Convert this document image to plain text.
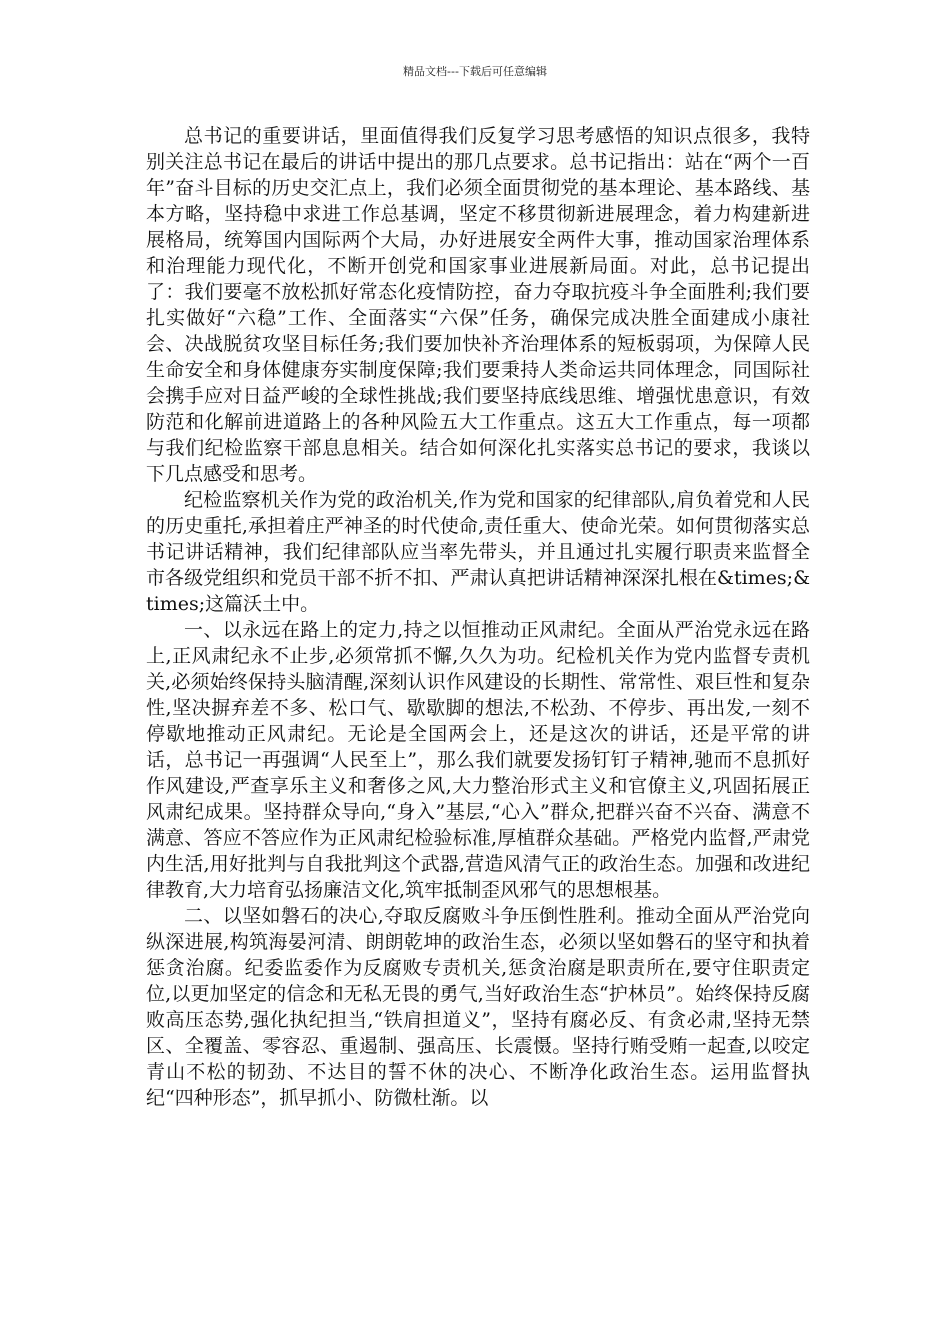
精品文档---下载后可任意编辑

总书记的重要讲话，里面值得我们反复学习思考感悟的知识点很多，我特别关注总书记在最后的讲话中提出的那几点要求。总书记指出：站在“两个一百年”奋斗目标的历史交汇点上，我们必须全面贯彻党的基本理论、基本路线、基本方略，坚持稳中求进工作总基调，坚定不移贯彻新进展理念，着力构建新进展格局，统筹国内国际两个大局，办好进展安全两件大事，推动国家治理体系和治理能力现代化，不断开创党和国家事业进展新局面。对此，总书记提出了：我们要毫不放松抓好常态化疫情防控，奋力夺取抗疫斗争全面胜利;我们要扎实做好“六稳”工作、全面落实“六保”任务，确保完成决胜全面建成小康社会、决战脱贫攻坚目标任务;我们要加快补齐治理体系的短板弱项，为保障人民生命安全和身体健康夯实制度保障;我们要秉持人类命运共同体理念，同国际社会携手应对日益严峻的全球性挑战;我们要坚持底线思维、增强忧患意识，有效防范和化解前进道路上的各种风险五大工作重点。这五大工作重点，每一项都与我们纪检监察干部息息相关。结合如何深化扎实落实总书记的要求，我谈以下几点感受和思考。

纪检监察机关作为党的政治机关,作为党和国家的纪律部队,肩负着党和人民的历史重托,承担着庄严神圣的时代使命,责任重大、使命光荣。如何贯彻落实总书记讲话精神，我们纪律部队应当率先带头，并且通过扎实履行职责来监督全市各级党组织和党员干部不折不扣、严肃认真把讲话精神深深扎根在&times;&times;这篇沃土中。

一、以永远在路上的定力,持之以恒推动正风肃纪。全面从严治党永远在路上,正风肃纪永不止步,必须常抓不懈,久久为功。纪检机关作为党内监督专责机关,必须始终保持头脑清醒,深刻认识作风建设的长期性、常常性、艰巨性和复杂性,坚决摒弃差不多、松口气、歇歇脚的想法,不松劲、不停步、再出发,一刻不停歇地推动正风肃纪。无论是全国两会上，还是这次的讲话，还是平常的讲话，总书记一再强调“人民至上”，那么我们就要发扬钉钉子精神,驰而不息抓好作风建设,严查享乐主义和奢侈之风,大力整治形式主义和官僚主义,巩固拓展正风肃纪成果。坚持群众导向,“身入”基层,“心入”群众,把群兴奋不兴奋、满意不满意、答应不答应作为正风肃纪检验标准,厚植群众基础。严格党内监督,严肃党内生活,用好批判与自我批判这个武器,营造风清气正的政治生态。加强和改进纪律教育,大力培育弘扬廉洁文化,筑牢抵制歪风邪气的思想根基。

二、以坚如磐石的决心,夺取反腐败斗争压倒性胜利。推动全面从严治党向纵深进展,构筑海晏河清、朗朗乾坤的政治生态，必须以坚如磐石的坚守和执着惩贪治腐。纪委监委作为反腐败专责机关,惩贪治腐是职责所在,要守住职责定位,以更加坚定的信念和无私无畏的勇气,当好政治生态“护林员”。始终保持反腐败高压态势,强化执纪担当,“铁肩担道义”，坚持有腐必反、有贪必肃,坚持无禁区、全覆盖、零容忍、重遏制、强高压、长震慑。坚持行贿受贿一起查,以咬定青山不松的韧劲、不达目的誓不休的决心、不断净化政治生态。运用监督执纪“四种形态”，抓早抓小、防微杜渐。以
